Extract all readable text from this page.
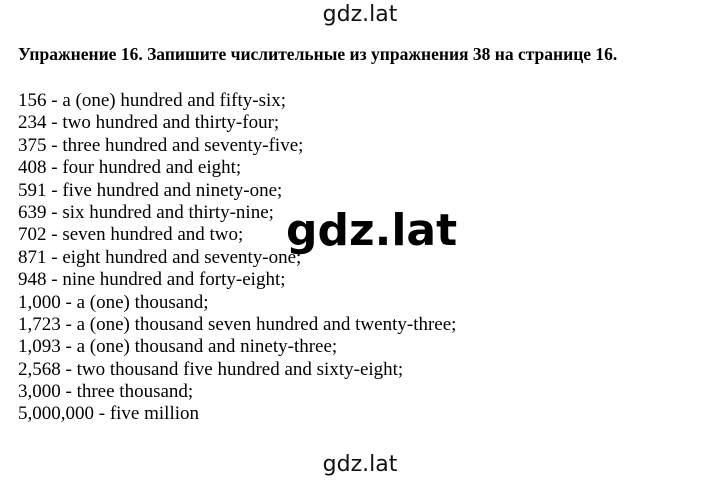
gdz.lat
Упражнение 16. Запишите числительные из упражнения 38 на странице 16.
156 - a (one) hundred and fifty-six;
234 - two hundred and thirty-four;
375 - three hundred and seventy-five;
408 - four hundred and eight;
591 - five hundred and ninety-one;
639 - six hundred and thirty-nine;
702 - seven hundred and two;
871 - eight hundred and seventy-one;
948 - nine hundred and forty-eight;
1,000 - a (one) thousand;
1,723 - a (one) thousand seven hundred and twenty-three;
1,093 - a (one) thousand and ninety-three;
2,568 - two thousand five hundred and sixty-eight;
3,000 - three thousand;
5,000,000 - five million
gdz.lat
gdz.lat
